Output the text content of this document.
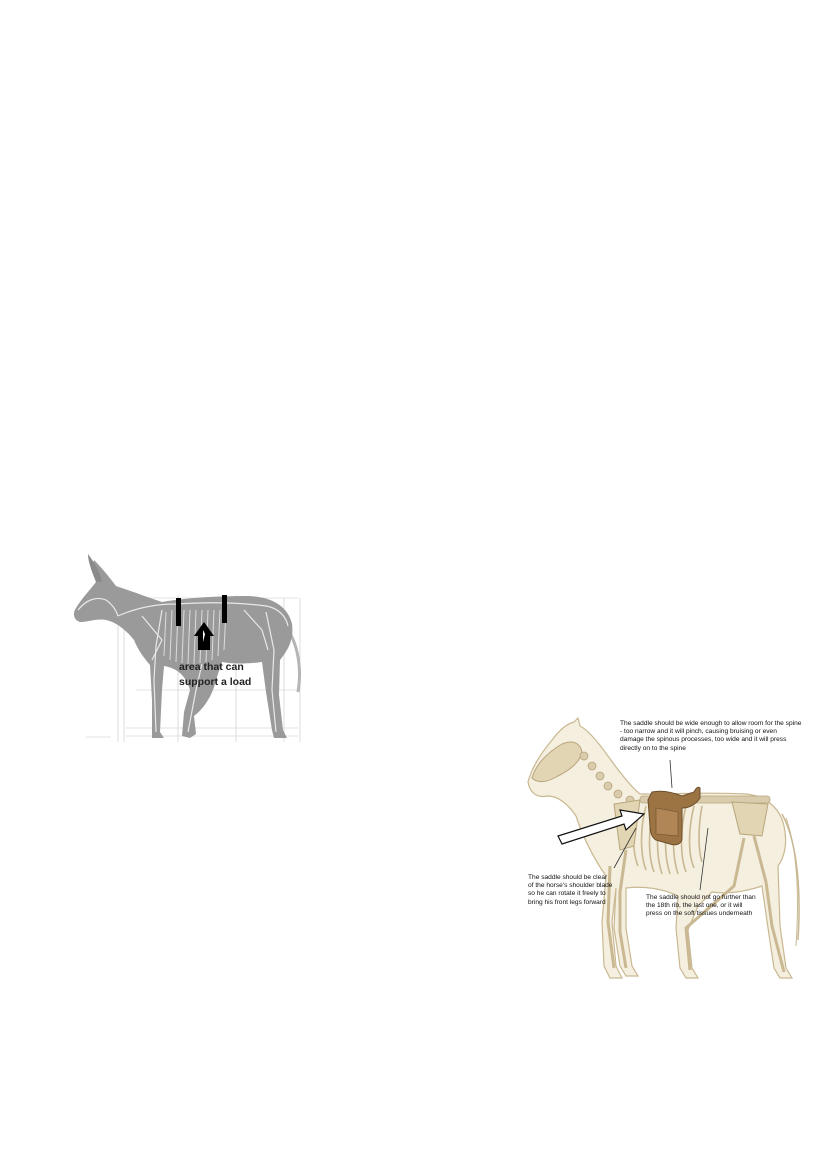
area that can support a load
The saddle should be wide enough to allow room for the spine - too narrow and it will pinch, causing bruising or even damage the spinous processes, too wide and it will press directly on to the spine
The saddle should be clear of the horse's shoulder blade so he can rotate it freely to bring his front legs forward
The saddle should not go further than the 18th rib, the last one, or it will press on the soft tissues underneath
